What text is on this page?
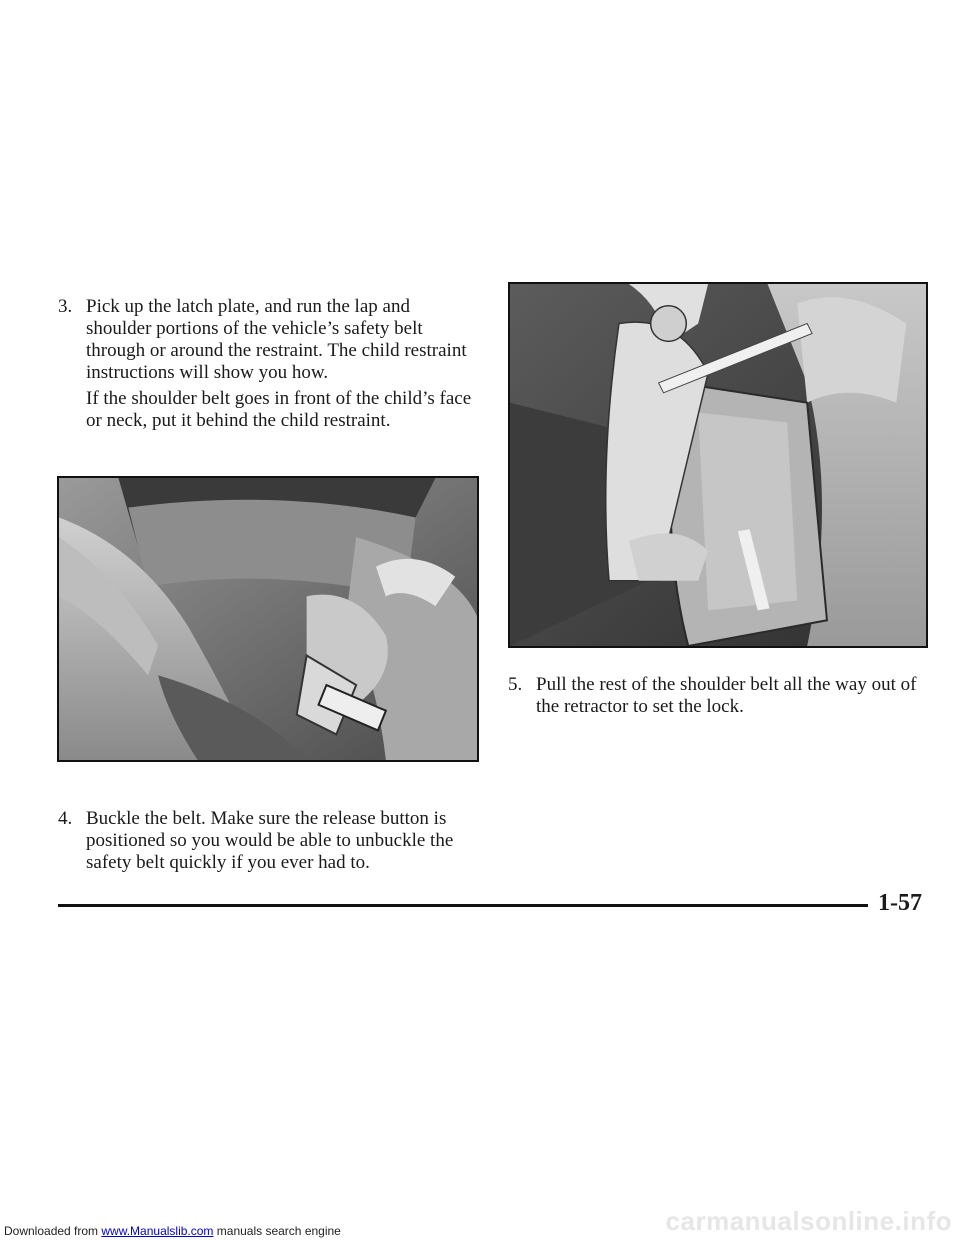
3. Pick up the latch plate, and run the lap and shoulder portions of the vehicle’s safety belt through or around the restraint. The child restraint instructions will show you how.
If the shoulder belt goes in front of the child’s face or neck, put it behind the child restraint.
5. Pull the rest of the shoulder belt all the way out of the retractor to set the lock.
4. Buckle the belt. Make sure the release button is positioned so you would be able to unbuckle the safety belt quickly if you ever had to.
1-57
Downloaded from www.Manualslib.com manuals search engine	carmanualsonline.info
